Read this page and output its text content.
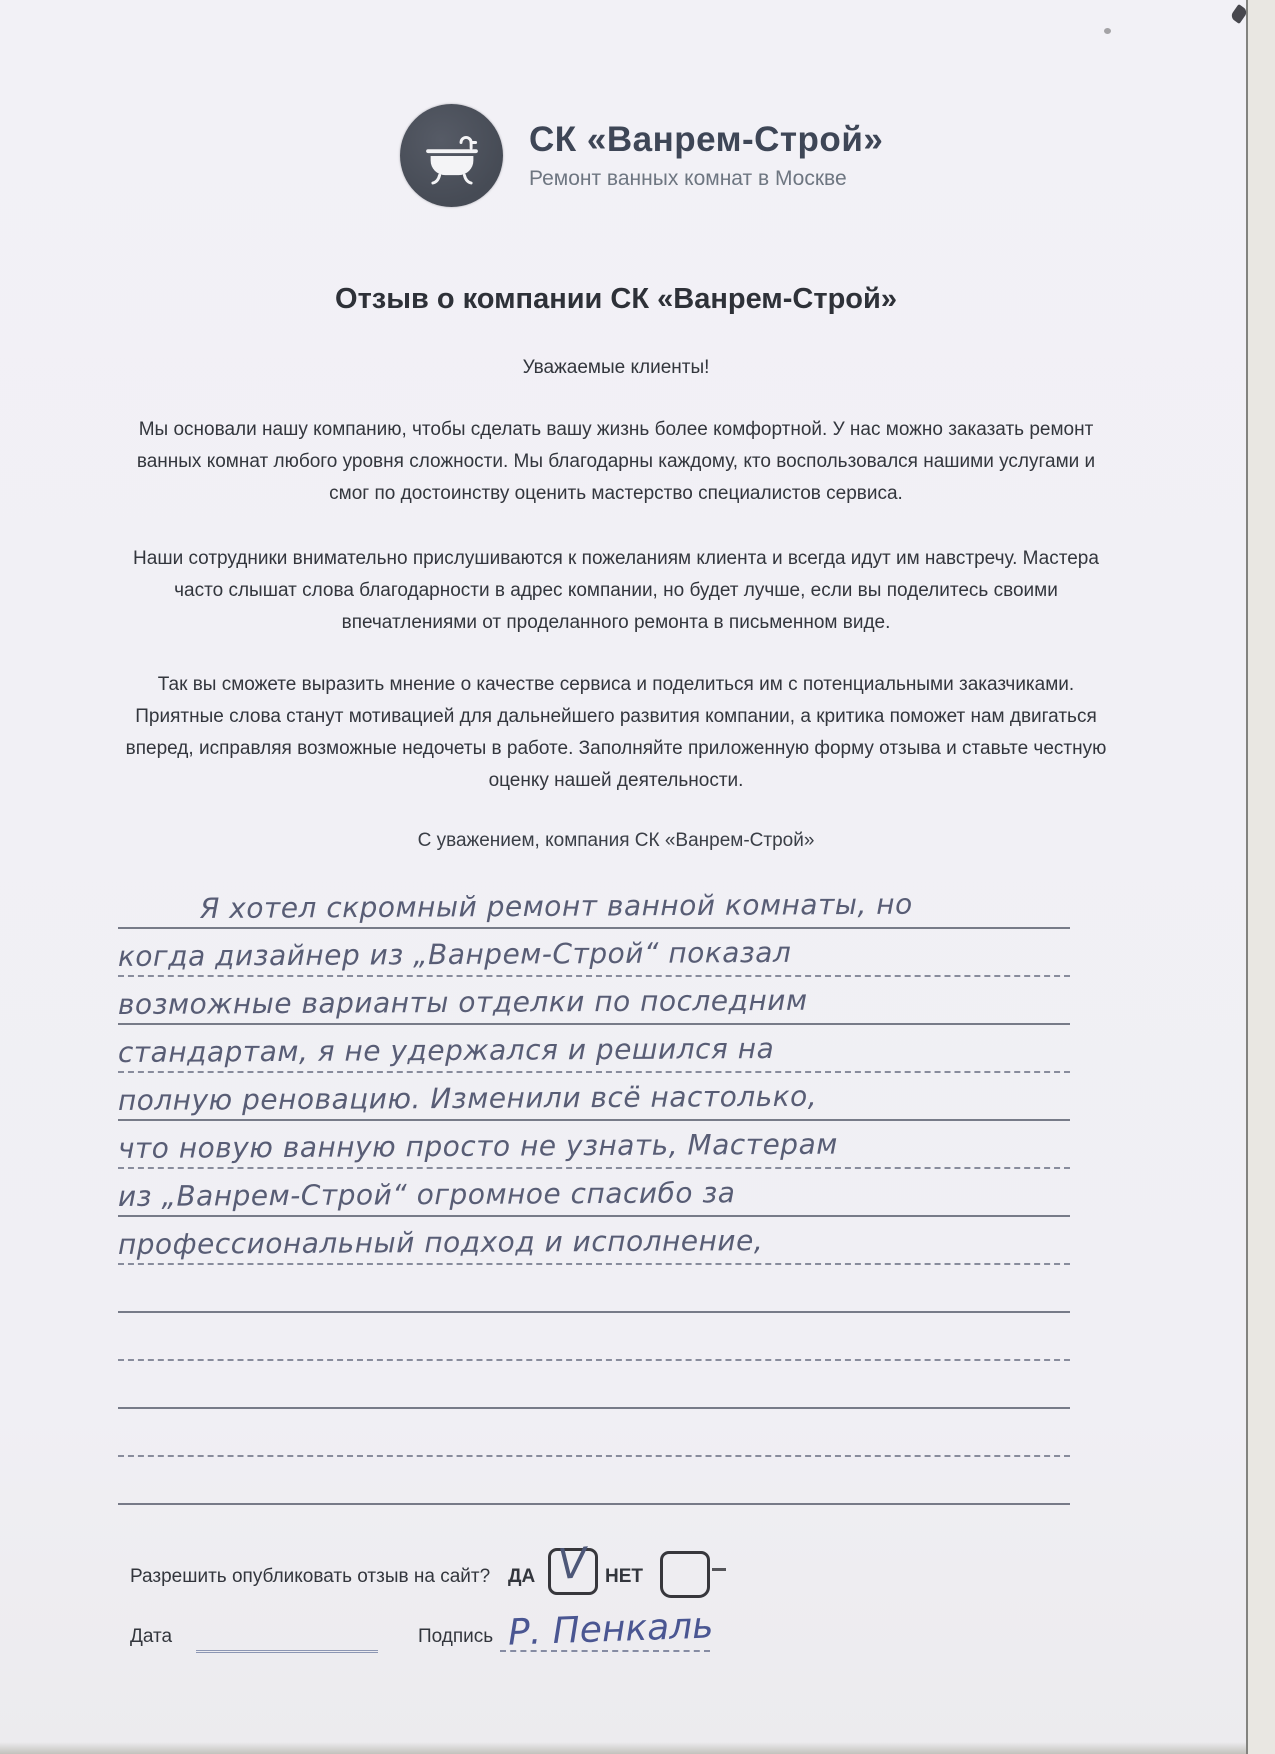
СК «Ванрем-Строй»
Ремонт ванных комнат в Москве
Отзыв о компании СК «Ванрем-Строй»
Уважаемые клиенты!
Мы основали нашу компанию, чтобы сделать вашу жизнь более комфортной. У нас можно заказать ремонт ванных комнат любого уровня сложности. Мы благодарны каждому, кто воспользовался нашими услугами и смог по достоинству оценить мастерство специалистов сервиса.
Наши сотрудники внимательно прислушиваются к пожеланиям клиента и всегда идут им навстречу. Мастера часто слышат слова благодарности в адрес компании, но будет лучше, если вы поделитесь своими впечатлениями от проделанного ремонта в письменном виде.
Так вы сможете выразить мнение о качестве сервиса и поделиться им с потенциальными заказчиками. Приятные слова станут мотивацией для дальнейшего развития компании, а критика поможет нам двигаться вперед, исправляя возможные недочеты в работе. Заполняйте приложенную форму отзыва и ставьте честную оценку нашей деятельности.
С уважением, компания СК «Ванрем-Строй»
Я хотел скромный ремонт ванной комнаты, но
когда дизайнер из „Ванрем-Строй“ показал
возможные варианты отделки по последним
стандартам, я не удержался и решился на
полную реновацию. Изменили всё настолько,
что новую ванную просто не узнать, Мастерам
из „Ванрем-Строй“ огромное спасибо за
профессиональный подход и исполнение,
Разрешить опубликовать отзыв на сайт? ДА V НЕТ
Дата	Подпись Р. Пенкаль
